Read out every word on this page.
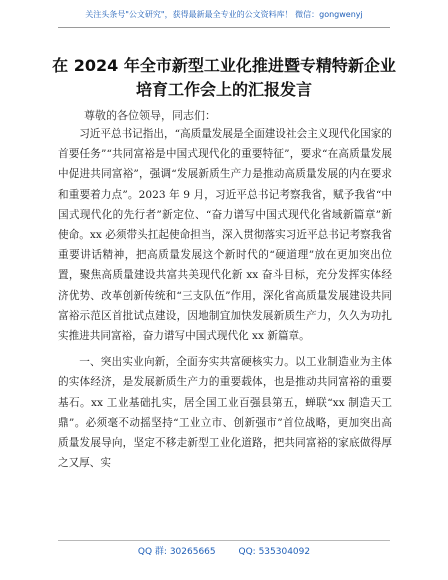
关注头条号"公文研究"，获得最新最全专业的公文资料库！ 微信：gongwenyj
在 2024 年全市新型工业化推进暨专精特新企业
培育工作会上的汇报发言
尊敬的各位领导，同志们：

习近平总书记指出，“高质量发展是全面建设社会主义现代化国家的首要任务”“共同富裕是中国式现代化的重要特征”，要求“在高质量发展中促进共同富裕”，强调“发展新质生产力是推动高质量发展的内在要求和重要着力点”。2023 年 9 月，习近平总书记考察我省，赋予我省“中国式现代化的先行者”新定位、“奋力谱写中国式现代化省域新篇章”新使命。xx 必须带头扛起使命担当，深入贯彻落实习近平总书记考察我省重要讲话精神，把高质量发展这个新时代的“硬道理”放在更加突出位置，聚焦高质量建设共富共美现代化新 xx 奋斗目标，充分发挥实体经济优势、改革创新传统和“三支队伍”作用，深化省高质量发展建设共同富裕示范区首批试点建设，因地制宜加快发展新质生产力，久久为功扎实推进共同富裕，奋力谱写中国式现代化 xx 新篇章。

一、突出实业向新，全面夯实共富硬核实力。以工业制造业为主体的实体经济，是发展新质生产力的重要载体，也是推动共同富裕的重要基石。xx 工业基础扎实，居全国工业百强县第五，蝉联“xx 制造天工鼎”。必须毫不动摇坚持“工业立市、创新强市”首位战略，更加突出高质量发展导向，坚定不移走新型工业化道路，把共同富裕的家底做得厚之又厚、实

QQ 群: 30265665        QQ: 535304092
